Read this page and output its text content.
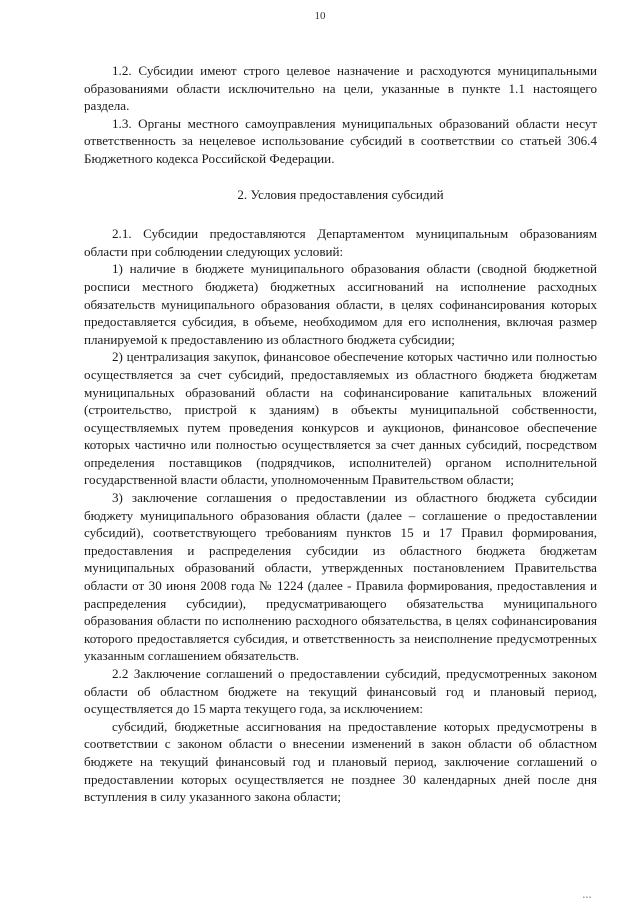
10

1.2. Субсидии имеют строго целевое назначение и расходуются муниципальными образованиями области исключительно на цели, указанные в пункте 1.1 настоящего раздела.

1.3. Органы местного самоуправления муниципальных образований области несут ответственность за нецелевое использование субсидий в соответствии со статьей 306.4 Бюджетного кодекса Российской Федерации.

2. Условия предоставления субсидий

2.1. Субсидии предоставляются Департаментом муниципальным образованиям области при соблюдении следующих условий:

1) наличие в бюджете муниципального образования области (сводной бюджетной росписи местного бюджета) бюджетных ассигнований на исполнение расходных обязательств муниципального образования области, в целях софинансирования которых предоставляется субсидия, в объеме, необходимом для его исполнения, включая размер планируемой к предоставлению из областного бюджета субсидии;

2) централизация закупок, финансовое обеспечение которых частично или полностью осуществляется за счет субсидий, предоставляемых из областного бюджета бюджетам муниципальных образований области на софинансирование капитальных вложений (строительство, пристрой к зданиям) в объекты муниципальной собственности, осуществляемых путем проведения конкурсов и аукционов, финансовое обеспечение которых частично или полностью осуществляется за счет данных субсидий, посредством определения поставщиков (подрядчиков, исполнителей) органом исполнительной государственной власти области, уполномоченным Правительством области;

3) заключение соглашения о предоставлении из областного бюджета субсидии бюджету муниципального образования области (далее – соглашение о предоставлении субсидий), соответствующего требованиям пунктов 15 и 17 Правил формирования, предоставления и распределения субсидии из областного бюджета бюджетам муниципальных образований области, утвержденных постановлением Правительства области от 30 июня 2008 года № 1224 (далее - Правила формирования, предоставления и распределения субсидии), предусматривающего обязательства муниципального образования области по исполнению расходного обязательства, в целях софинансирования которого предоставляется субсидия, и ответственность за неисполнение предусмотренных указанным соглашением обязательств.

2.2 Заключение соглашений о предоставлении субсидий, предусмотренных законом области об областном бюджете на текущий финансовый год и плановый период, осуществляется до 15 марта текущего года, за исключением:

субсидий, бюджетные ассигнования на предоставление которых предусмотрены в соответствии с законом области о внесении изменений в закон области об областном бюджете на текущий финансовый год и плановый период, заключение соглашений о предоставлении которых осуществляется не позднее 30 календарных дней после дня вступления в силу указанного закона области;

▪▪▪
